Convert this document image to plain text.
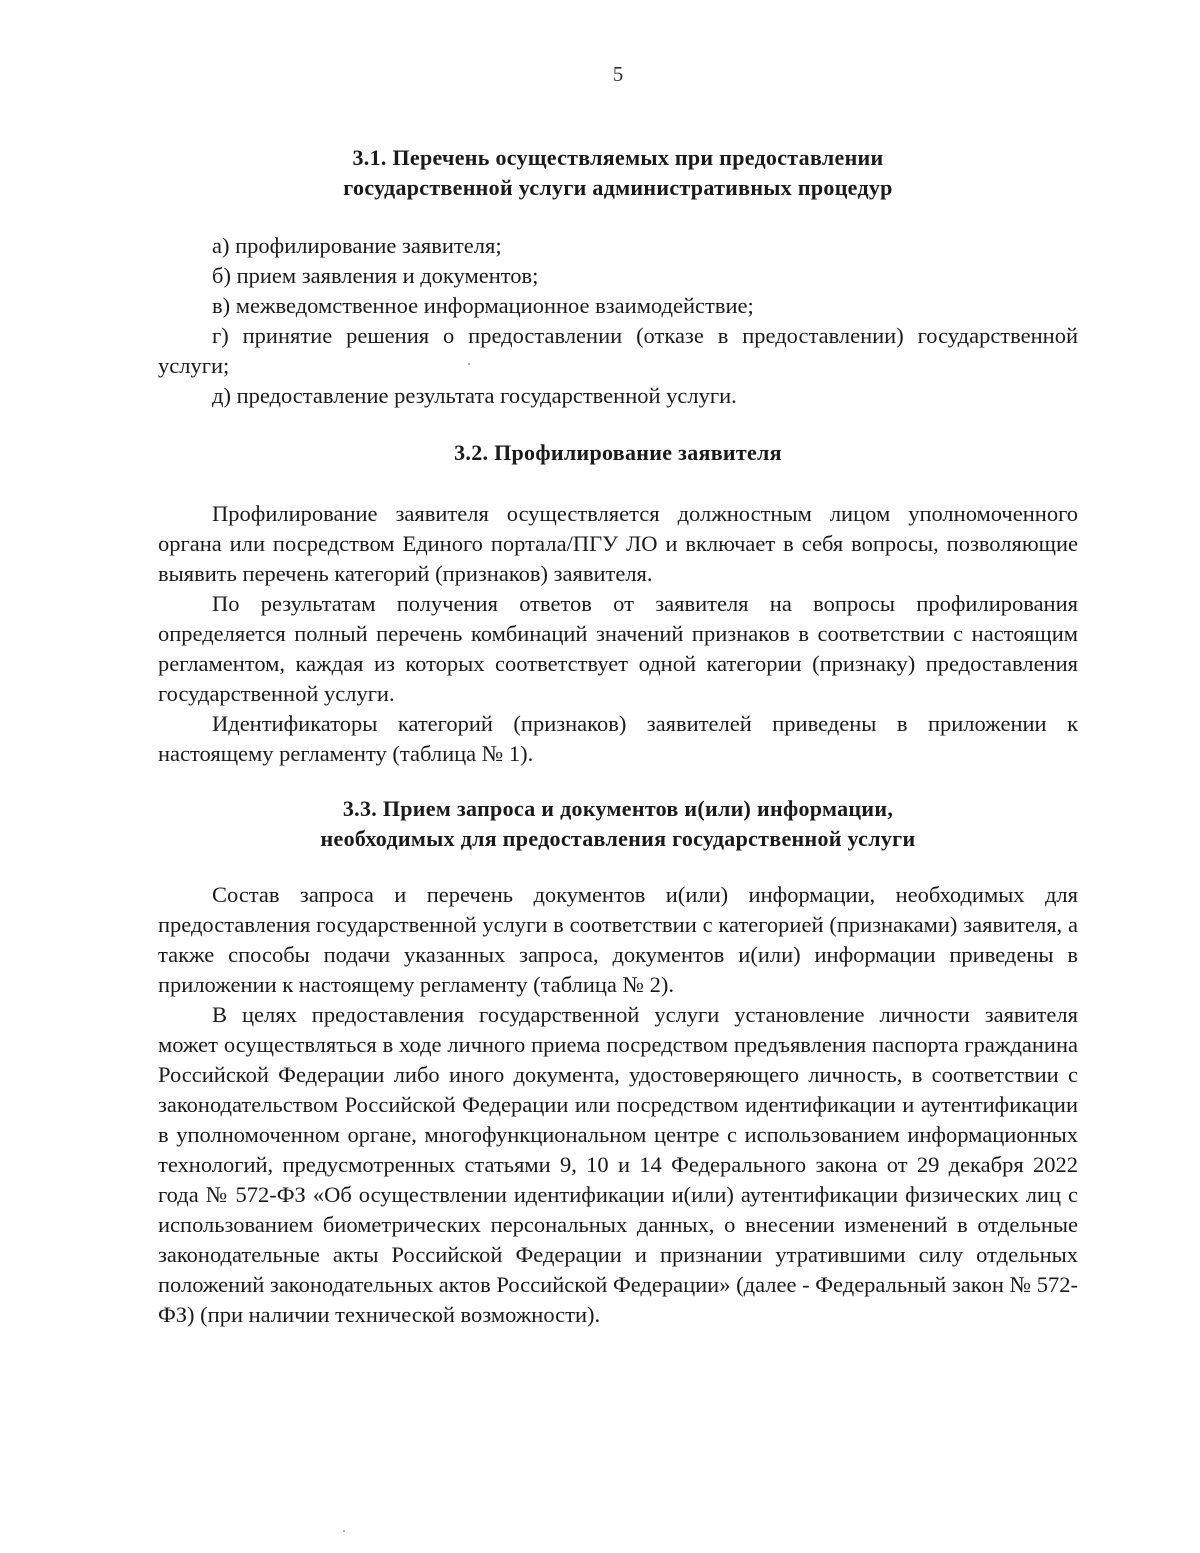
5
3.1. Перечень осуществляемых при предоставлении
государственной услуги административных процедур

а) профилирование заявителя;

б) прием заявления и документов;

в) межведомственное информационное взаимодействие;

г) принятие решения о предоставлении (отказе в предоставлении) государственной услуги;

д) предоставление результата государственной услуги.

3.2. Профилирование заявителя

Профилирование заявителя осуществляется должностным лицом уполномоченного органа или посредством Единого портала/ПГУ ЛО и включает в себя вопросы, позволяющие выявить перечень категорий (признаков) заявителя.

По результатам получения ответов от заявителя на вопросы профилирования определяется полный перечень комбинаций значений признаков в соответствии с настоящим регламентом, каждая из которых соответствует одной категории (признаку) предоставления государственной услуги.

Идентификаторы категорий (признаков) заявителей приведены в приложении к настоящему регламенту (таблица № 1).

3.3. Прием запроса и документов и(или) информации,
необходимых для предоставления государственной услуги

Состав запроса и перечень документов и(или) информации, необходимых для предоставления государственной услуги в соответствии с категорией (признаками) заявителя, а также способы подачи указанных запроса, документов и(или) информации приведены в приложении к настоящему регламенту (таблица № 2).

В целях предоставления государственной услуги установление личности заявителя может осуществляться в ходе личного приема посредством предъявления паспорта гражданина Российской Федерации либо иного документа, удостоверяющего личность, в соответствии с законодательством Российской Федерации или посредством идентификации и аутентификации в уполномоченном органе, многофункциональном центре с использованием информационных технологий, предусмотренных статьями 9, 10 и 14 Федерального закона от 29 декабря 2022 года № 572-ФЗ «Об осуществлении идентификации и(или) аутентификации физических лиц с использованием биометрических персональных данных, о внесении изменений в отдельные законодательные акты Российской Федерации и признании утратившими силу отдельных положений законодательных актов Российской Федерации» (далее - Федеральный закон № 572-ФЗ) (при наличии технической возможности).
